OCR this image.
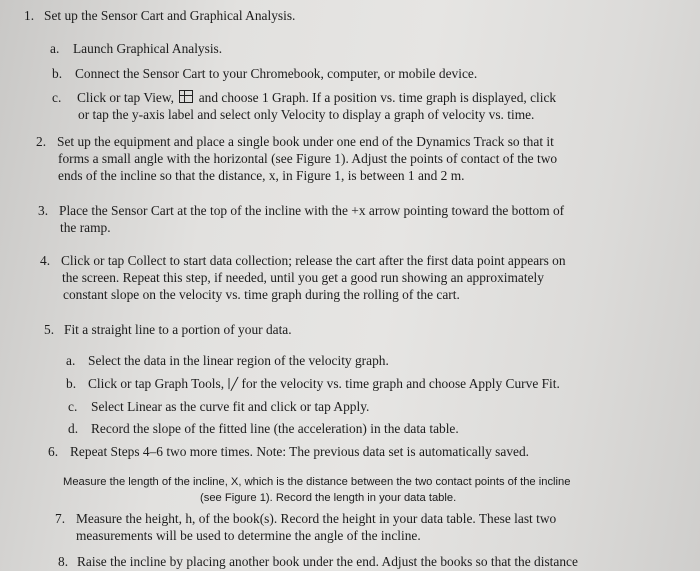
1. Set up the Sensor Cart and Graphical Analysis.
a. Launch Graphical Analysis.
b. Connect the Sensor Cart to your Chromebook, computer, or mobile device.
c. Click or tap View, and choose 1 Graph. If a position vs. time graph is displayed, click
or tap the y-axis label and select only Velocity to display a graph of velocity vs. time.
2. Set up the equipment and place a single book under one end of the Dynamics Track so that it
forms a small angle with the horizontal (see Figure 1). Adjust the points of contact of the two
ends of the incline so that the distance, x, in Figure 1, is between 1 and 2 m.
3. Place the Sensor Cart at the top of the incline with the +x arrow pointing toward the bottom of
the ramp.
4. Click or tap Collect to start data collection; release the cart after the first data point appears on
the screen. Repeat this step, if needed, until you get a good run showing an approximately
constant slope on the velocity vs. time graph during the rolling of the cart.
5. Fit a straight line to a portion of your data.
a. Select the data in the linear region of the velocity graph.
b. Click or tap Graph Tools, ∣╱ for the velocity vs. time graph and choose Apply Curve Fit.
c. Select Linear as the curve fit and click or tap Apply.
d. Record the slope of the fitted line (the acceleration) in the data table.
6. Repeat Steps 4–6 two more times. Note: The previous data set is automatically saved.
Measure the length of the incline, X, which is the distance between the two contact points of the incline
(see Figure 1). Record the length in your data table.
7. Measure the height, h, of the book(s). Record the height in your data table. These last two
measurements will be used to determine the angle of the incline.
8. Raise the incline by placing another book under the end. Adjust the books so that the distance
